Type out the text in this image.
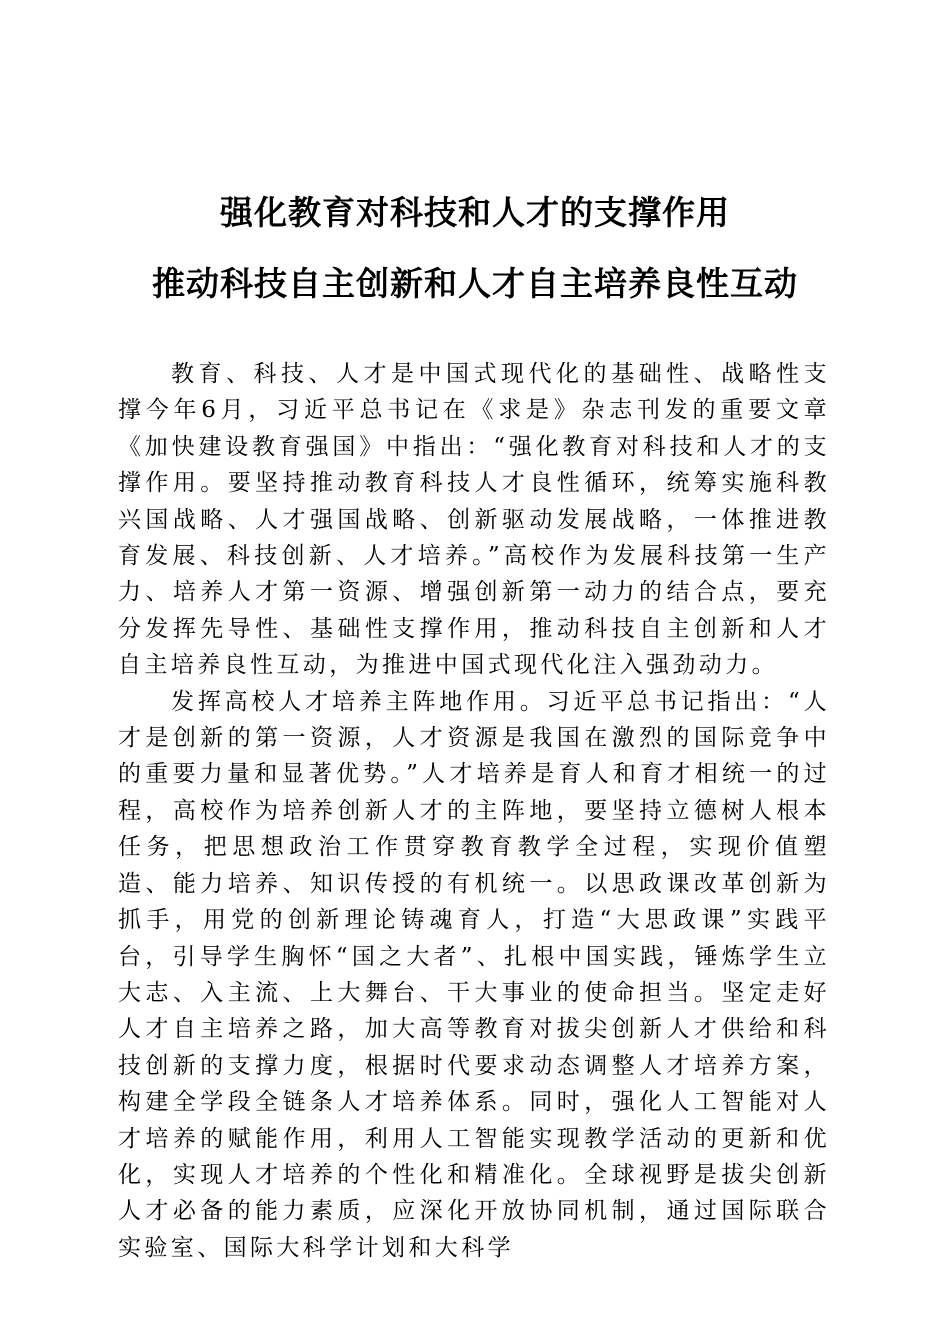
强化教育对科技和人才的支撑作用
推动科技自主创新和人才自主培养良性互动

教育、科技、人才是中国式现代化的基础性、战略性支撑今年6月，习近平总书记在《求是》杂志刊发的重要文章《加快建设教育强国》中指出：“强化教育对科技和人才的支撑作用。要坚持推动教育科技人才良性循环，统筹实施科教兴国战略、人才强国战略、创新驱动发展战略，一体推进教育发展、科技创新、人才培养。”高校作为发展科技第一生产力、培养人才第一资源、增强创新第一动力的结合点，要充分发挥先导性、基础性支撑作用，推动科技自主创新和人才自主培养良性互动，为推进中国式现代化注入强劲动力。

发挥高校人才培养主阵地作用。习近平总书记指出：“人才是创新的第一资源，人才资源是我国在激烈的国际竞争中的重要力量和显著优势。”人才培养是育人和育才相统一的过程，高校作为培养创新人才的主阵地，要坚持立德树人根本任务，把思想政治工作贯穿教育教学全过程，实现价值塑造、能力培养、知识传授的有机统一。以思政课改革创新为抓手，用党的创新理论铸魂育人，打造“大思政课”实践平台，引导学生胸怀“国之大者”、扎根中国实践，锤炼学生立大志、入主流、上大舞台、干大事业的使命担当。坚定走好人才自主培养之路，加大高等教育对拔尖创新人才供给和科技创新的支撑力度，根据时代要求动态调整人才培养方案，构建全学段全链条人才培养体系。同时，强化人工智能对人才培养的赋能作用，利用人工智能实现教学活动的更新和优化，实现人才培养的个性化和精准化。全球视野是拔尖创新人才必备的能力素质，应深化开放协同机制，通过国际联合实验室、国际大科学计划和大科学
